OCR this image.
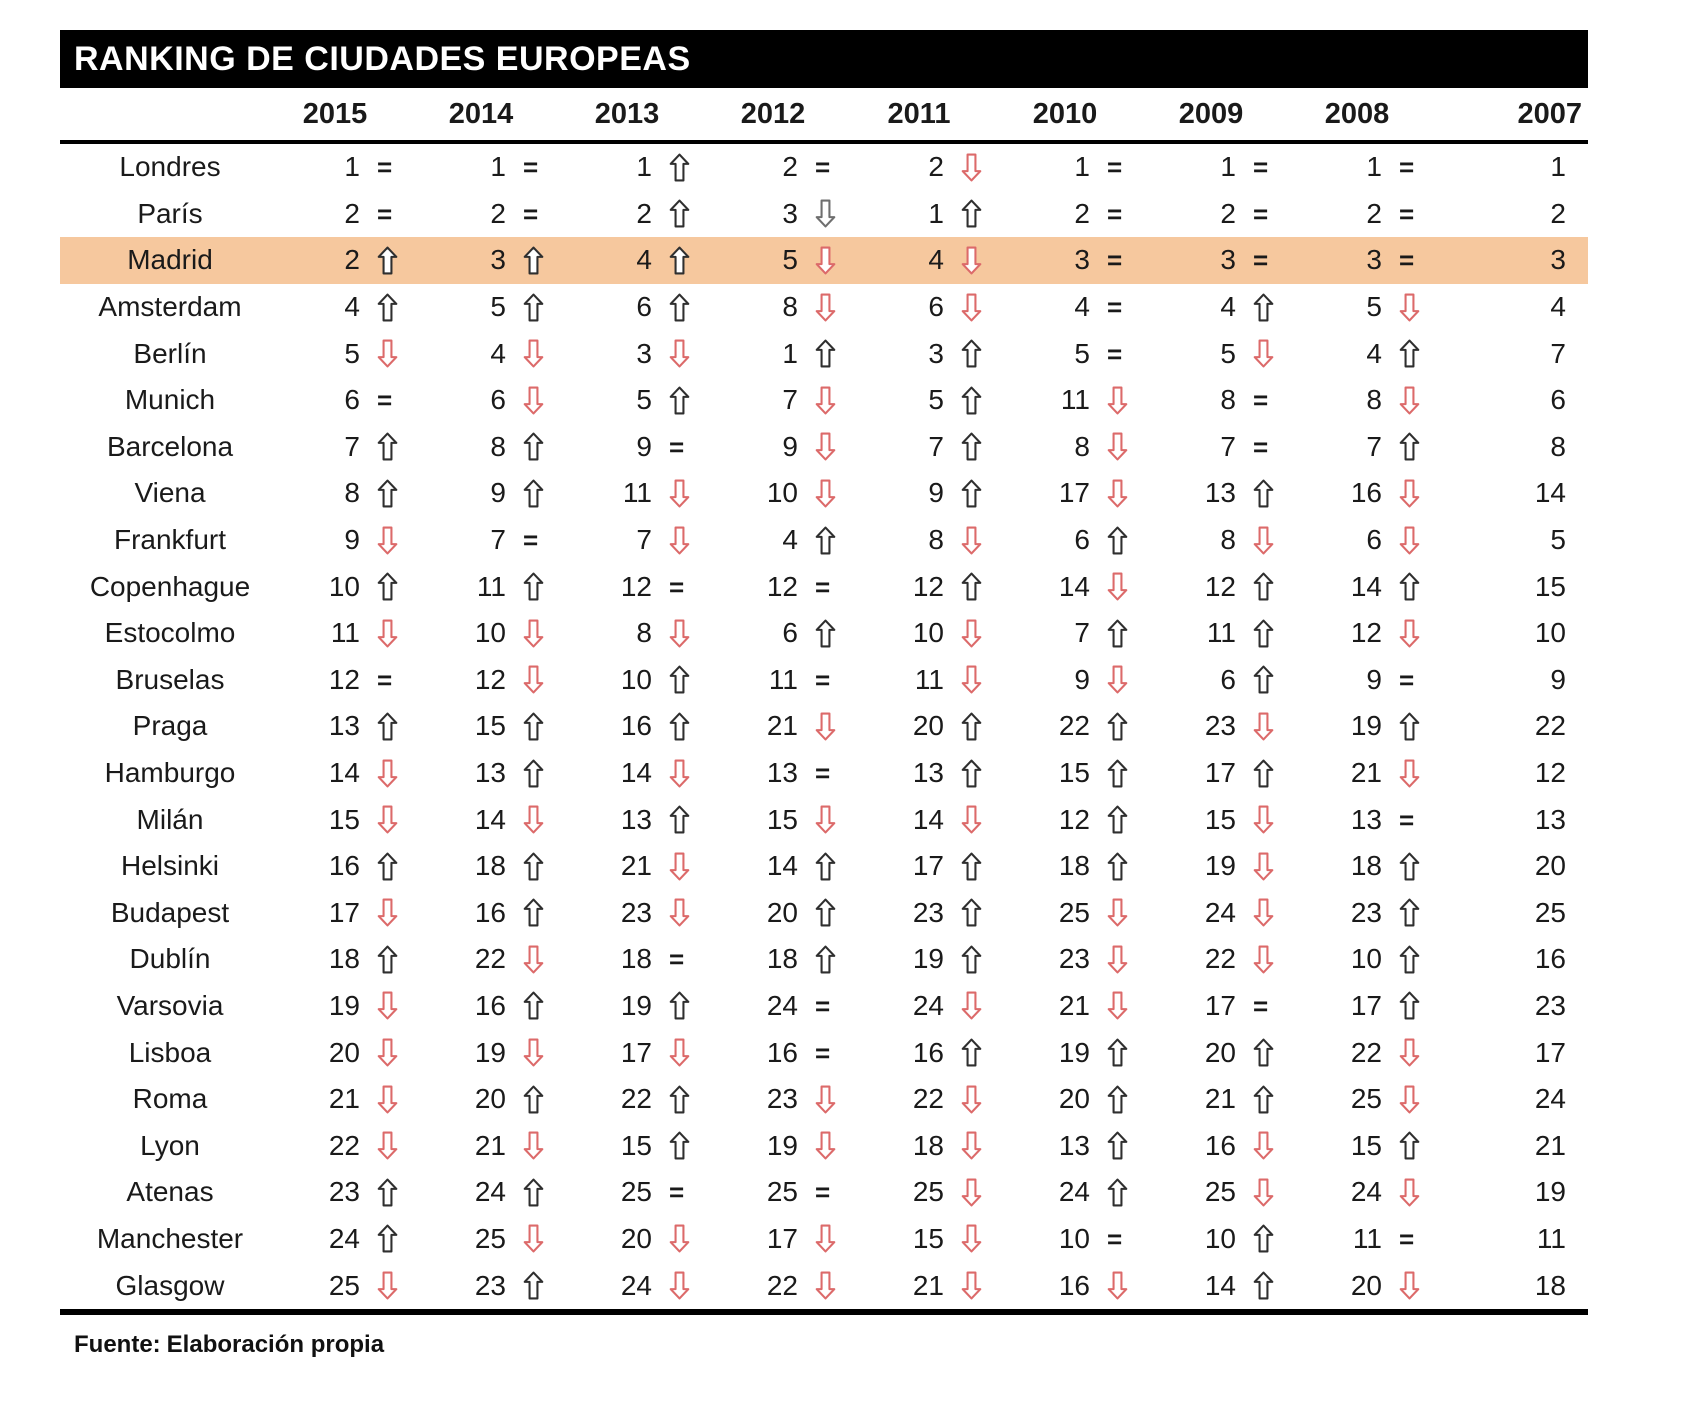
RANKING DE CIUDADES EUROPEAS
2015	2014	2013	2012	2011	2010	2009	2008	2007
Londres	1 =	1 =	1	2 =	2	1 =	1 =	1 =	1
París	2 =	2 =	2	3	1	2 =	2 =	2 =	2
Madrid	2	3	4	5	4	3 =	3 =	3 =	3
Amsterdam	4	5	6	8	6	4 =	4	5	4
Berlín	5	4	3	1	3	5 =	5	4	7
Munich	6 =	6	5	7	5	11	8 =	8	6
Barcelona	7	8	9 =	9	7	8	7 =	7	8
Viena	8	9	11	10	9	17	13	16	14
Frankfurt	9	7 =	7	4	8	6	8	6	5
Copenhague	10	11	12 =	12 =	12	14	12	14	15
Estocolmo	11	10	8	6	10	7	11	12	10
Bruselas	12 =	12	10	11 =	11	9	6	9 =	9
Praga	13	15	16	21	20	22	23	19	22
Hamburgo	14	13	14	13 =	13	15	17	21	12
Milán	15	14	13	15	14	12	15	13 =	13
Helsinki	16	18	21	14	17	18	19	18	20
Budapest	17	16	23	20	23	25	24	23	25
Dublín	18	22	18 =	18	19	23	22	10	16
Varsovia	19	16	19	24 =	24	21	17 =	17	23
Lisboa	20	19	17	16 =	16	19	20	22	17
Roma	21	20	22	23	22	20	21	25	24
Lyon	22	21	15	19	18	13	16	15	21
Atenas	23	24	25 =	25 =	25	24	25	24	19
Manchester	24	25	20	17	15	10 =	10	11 =	11
Glasgow	25	23	24	22	21	16	14	20	18
Fuente: Elaboración propia
